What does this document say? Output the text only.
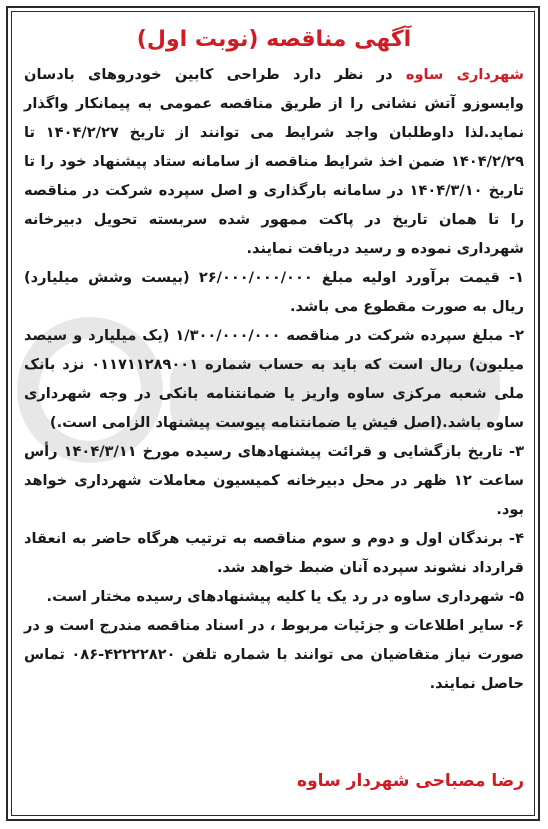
آگهی مناقصه (نوبت اول)

شهرداری ساوه در نظر دارد طراحی کابین خودروهای بادسان وایسوزو آتش نشانی را از طریق مناقصه عمومی به پیمانکار واگذار نماید.لذا داوطلبان واجد شرایط می توانند از تاریخ ۱۴۰۴/۲/۲۷ تا ۱۴۰۴/۲/۲۹ ضمن اخذ شرایط مناقصه از سامانه ستاد پیشنهاد خود را تا تاریخ ۱۴۰۴/۳/۱۰ در سامانه بارگذاری و اصل سپرده شرکت در مناقصه را تا همان تاریخ در پاکت ممهور شده سربسته تحویل دبیرخانه شهرداری نموده و رسید دریافت نمایند.

۱- قیمت برآورد اولیه مبلغ ۲۶/۰۰۰/۰۰۰/۰۰۰ (بیست وشش میلیارد) ریال به صورت مقطوع می باشد.

۲- مبلغ سپرده شرکت در مناقصه ۱/۳۰۰/۰۰۰/۰۰۰ (یک میلیارد و سیصد میلیون) ریال است که باید به حساب شماره ۰۱۱۷۱۱۲۸۹۰۰۱ نزد بانک ملی شعبه مرکزی ساوه واریز یا ضمانتنامه بانکی در وجه شهرداری ساوه باشد.(اصل فیش یا ضمانتنامه پیوست پیشنهاد الزامی است.)

۳- تاریخ بازگشایی و قرائت پیشنهادهای رسیده مورخ ۱۴۰۴/۳/۱۱ رأس ساعت ۱۲ ظهر در محل دبیرخانه کمیسیون معاملات شهرداری خواهد بود.

۴- برندگان اول و دوم و سوم مناقصه به ترتیب هرگاه حاضر به انعقاد قرارداد نشوند سپرده آنان ضبط خواهد شد.

۵- شهرداری ساوه در رد یک یا کلیه پیشنهادهای رسیده مختار است.

۶- سایر اطلاعات و جزئیات مربوط ، در اسناد مناقصه مندرج است و در صورت نیاز متقاضیان می توانند با شماره تلفن ۴۲۲۲۲۸۲۰-۰۸۶ تماس حاصل نمایند.

رضا مصباحی شهردار ساوه
